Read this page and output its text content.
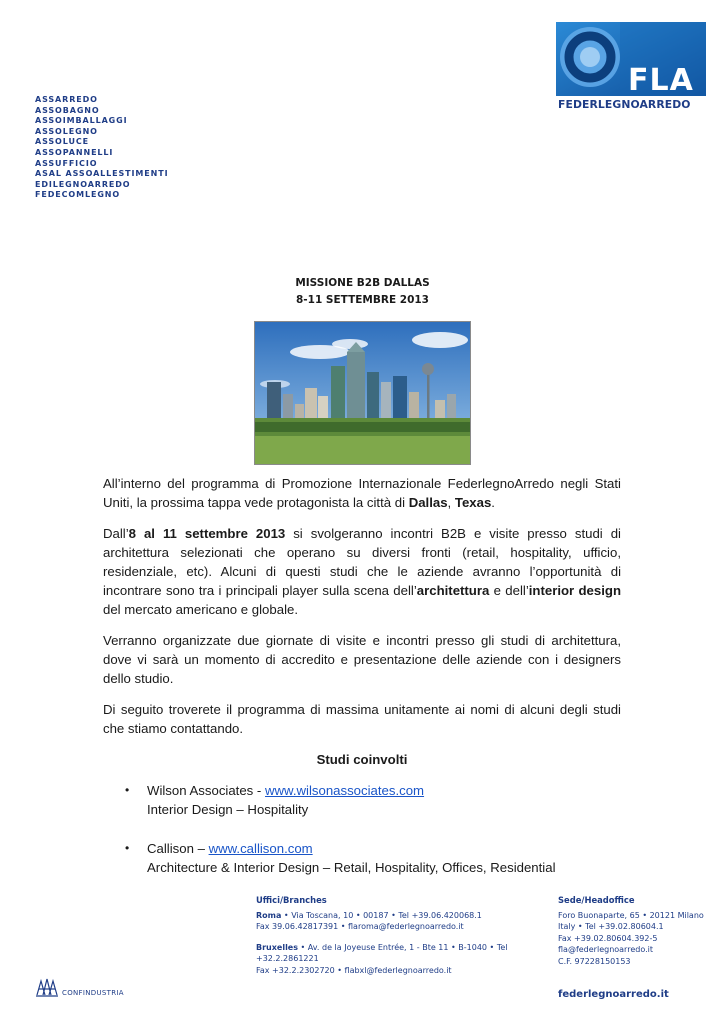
ASSARREDO
ASSOBAGNO
ASSOIMBALLAGGI
ASSOLEGNO
ASSOLUCE
ASSOPANNELLI
ASSUFFICIO
ASAL ASSOALLESTIMENTI
EDILEGNOARREDO
FEDECOMLEGNO
FLA
FEDERLEGNOARREDO
MISSIONE B2B DALLAS
8-11 SETTEMBRE 2013

All’interno del programma di Promozione Internazionale FederlegnoArredo negli Stati Uniti, la prossima tappa vede protagonista la città di Dallas, Texas.

Dall’8 al 11 settembre 2013 si svolgeranno incontri B2B e visite presso studi di architettura selezionati che operano su diversi fronti (retail, hospitality, ufficio, residenziale, etc). Alcuni di questi studi che le aziende avranno l’opportunità di incontrare sono tra i principali player sulla scena dell’architettura e dell’interior design del mercato americano e globale.

Verranno organizzate due giornate di visite e incontri presso gli studi di architettura, dove vi sarà un momento di accredito e presentazione delle aziende con i designers dello studio.

Di seguito troverete il programma di massima unitamente ai nomi di alcuni degli studi che stiamo contattando.

Studi coinvolti

• Wilson Associates - www.wilsonassociates.com
Interior Design – Hospitality
• Callison – www.callison.com
Architecture & Interior Design – Retail, Hospitality, Offices, Residential
Uffici/Branches
Roma • Via Toscana, 10 • 00187 • Tel +39.06.420068.1
Fax 39.06.42817391 • flaroma@federlegnoarredo.it
Bruxelles • Av. de la Joyeuse Entrée, 1 - Bte 11 • B-1040 • Tel +32.2.2861221
Fax +32.2.2302720 • flabxl@federlegnoarredo.it
Sede/Headoffice
Foro Buonaparte, 65 • 20121 Milano
Italy • Tel +39.02.80604.1
Fax +39.02.80604.392-5
fla@federlegnoarredo.it
C.F. 97228150153
federlegnoarredo.it
CONFINDUSTRIA
